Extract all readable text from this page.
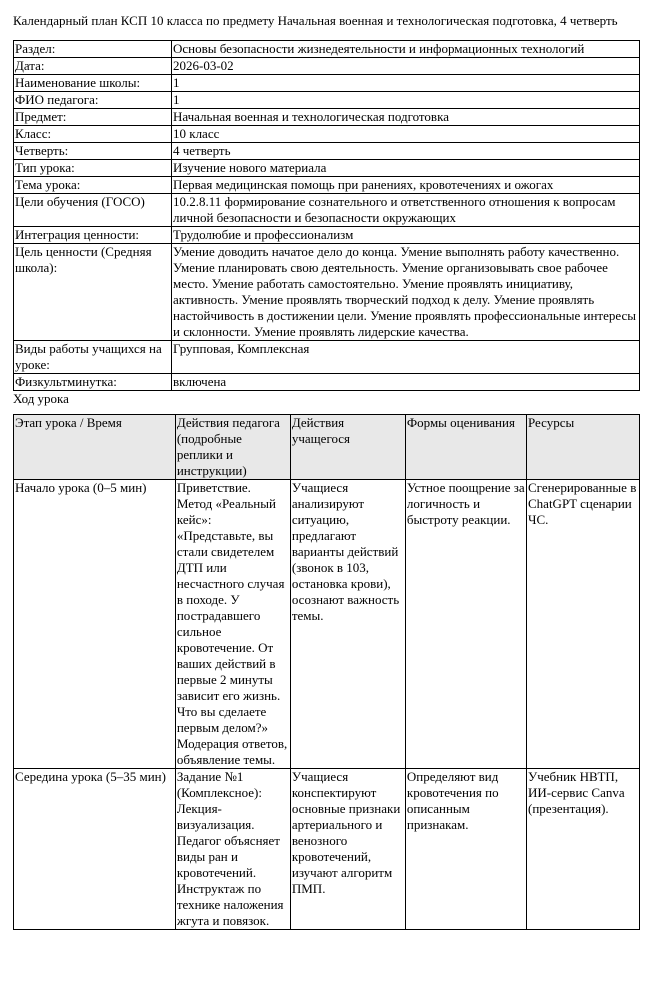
Календарный план КСП 10 класса по предмету Начальная военная и технологическая подготовка, 4 четверть

Раздел:	Основы безопасности жизнедеятельности и информационных технологий
Дата:	2026-03-02
Наименование школы:	1
ФИО педагога:	1
Предмет:	Начальная военная и технологическая подготовка
Класс:	10 класс
Четверть:	4 четверть
Тип урока:	Изучение нового материала
Тема урока:	Первая медицинская помощь при ранениях, кровотечениях и ожогах
Цели обучения (ГОСО)	10.2.8.11 формирование сознательного и ответственного отношения к вопросам личной безопасности и безопасности окружающих
Интеграция ценности:	Трудолюбие и профессионализм
Цель ценности (Средняя школа):	Умение доводить начатое дело до конца. Умение выполнять работу качественно. Умение планировать свою деятельность. Умение организовывать свое рабочее место. Умение работать самостоятельно. Умение проявлять инициативу, активность. Умение проявлять творческий подход к делу. Умение проявлять настойчивость в достижении цели. Умение проявлять профессиональные интересы и склонности. Умение проявлять лидерские качества.
Виды работы учащихся на уроке:	Групповая, Комплексная
Физкультминутка:	включена

Ход урока

Этап урока / Время	Действия педагога (подробные реплики и инструкции)	Действия учащегося	Формы оценивания	Ресурсы
Начало урока (0–5 мин)	Приветствие. Метод «Реальный кейс»: «Представьте, вы стали свидетелем ДТП или несчастного случая в походе. У пострадавшего сильное кровотечение. От ваших действий в первые 2 минуты зависит его жизнь. Что вы сделаете первым делом?» Модерация ответов, объявление темы.	Учащиеся анализируют ситуацию, предлагают варианты действий (звонок в 103, остановка крови), осознают важность темы.	Устное поощрение за логичность и быстроту реакции.	Сгенерированные в ChatGPT сценарии ЧС.
Середина урока (5–35 мин)	Задание №1 (Комплексное): Лекция-визуализация. Педагог объясняет виды ран и кровотечений. Инструктаж по технике наложения жгута и повязок.	Учащиеся конспектируют основные признаки артериального и венозного кровотечений, изучают алгоритм ПМП.	Определяют вид кровотечения по описанным признакам.	Учебник НВТП, ИИ-сервис Canva (презентация).
